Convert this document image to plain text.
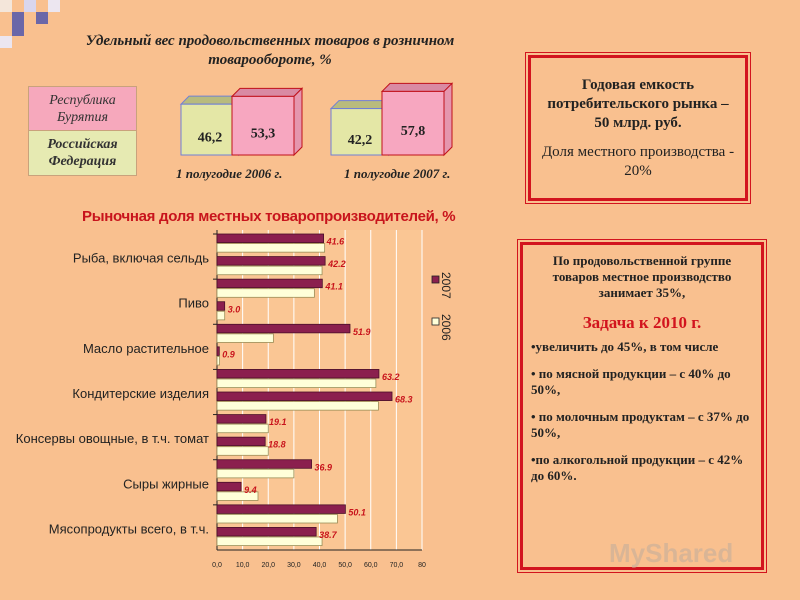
Удельный вес продовольственных товаров в розничном товарообороте, %
Республика Бурятия
Российская Федерация
1 полугодие 2006 г.	1 полугодие 2007 г.

Годовая емкость потребительского рынка – 50 млрд. руб.

Доля местного производства - 20%

По продовольственной группе товаров местное производство занимает 35%,
Задача к 2010 г.
•увеличить до 45%, в том числе
• по мясной продукции – с 40% до 50%,
• по молочным продуктам – с 37% до 50%,
•по алкогольной продукции – с 42% до 60%.
Рыночная доля местных товаропроизводителей, %
46,2	42,2
53,3	57,8
0,0 10,0 20,0 30,0 40,0 50,0 60,0 70,0 80
41.6
42.2
41.1
3.0
51.9
0.9
63.2
68.3
19.1
18.8
36.9
9.4
50.1
38.7
Рыба, включая сельдь
Пиво
Масло растительное
Кондитерские изделия
Консервы овощные, в т.ч. томат
Сыры жирные
Мясопродукты всего, в т.ч.
2007
2006
MyShared
